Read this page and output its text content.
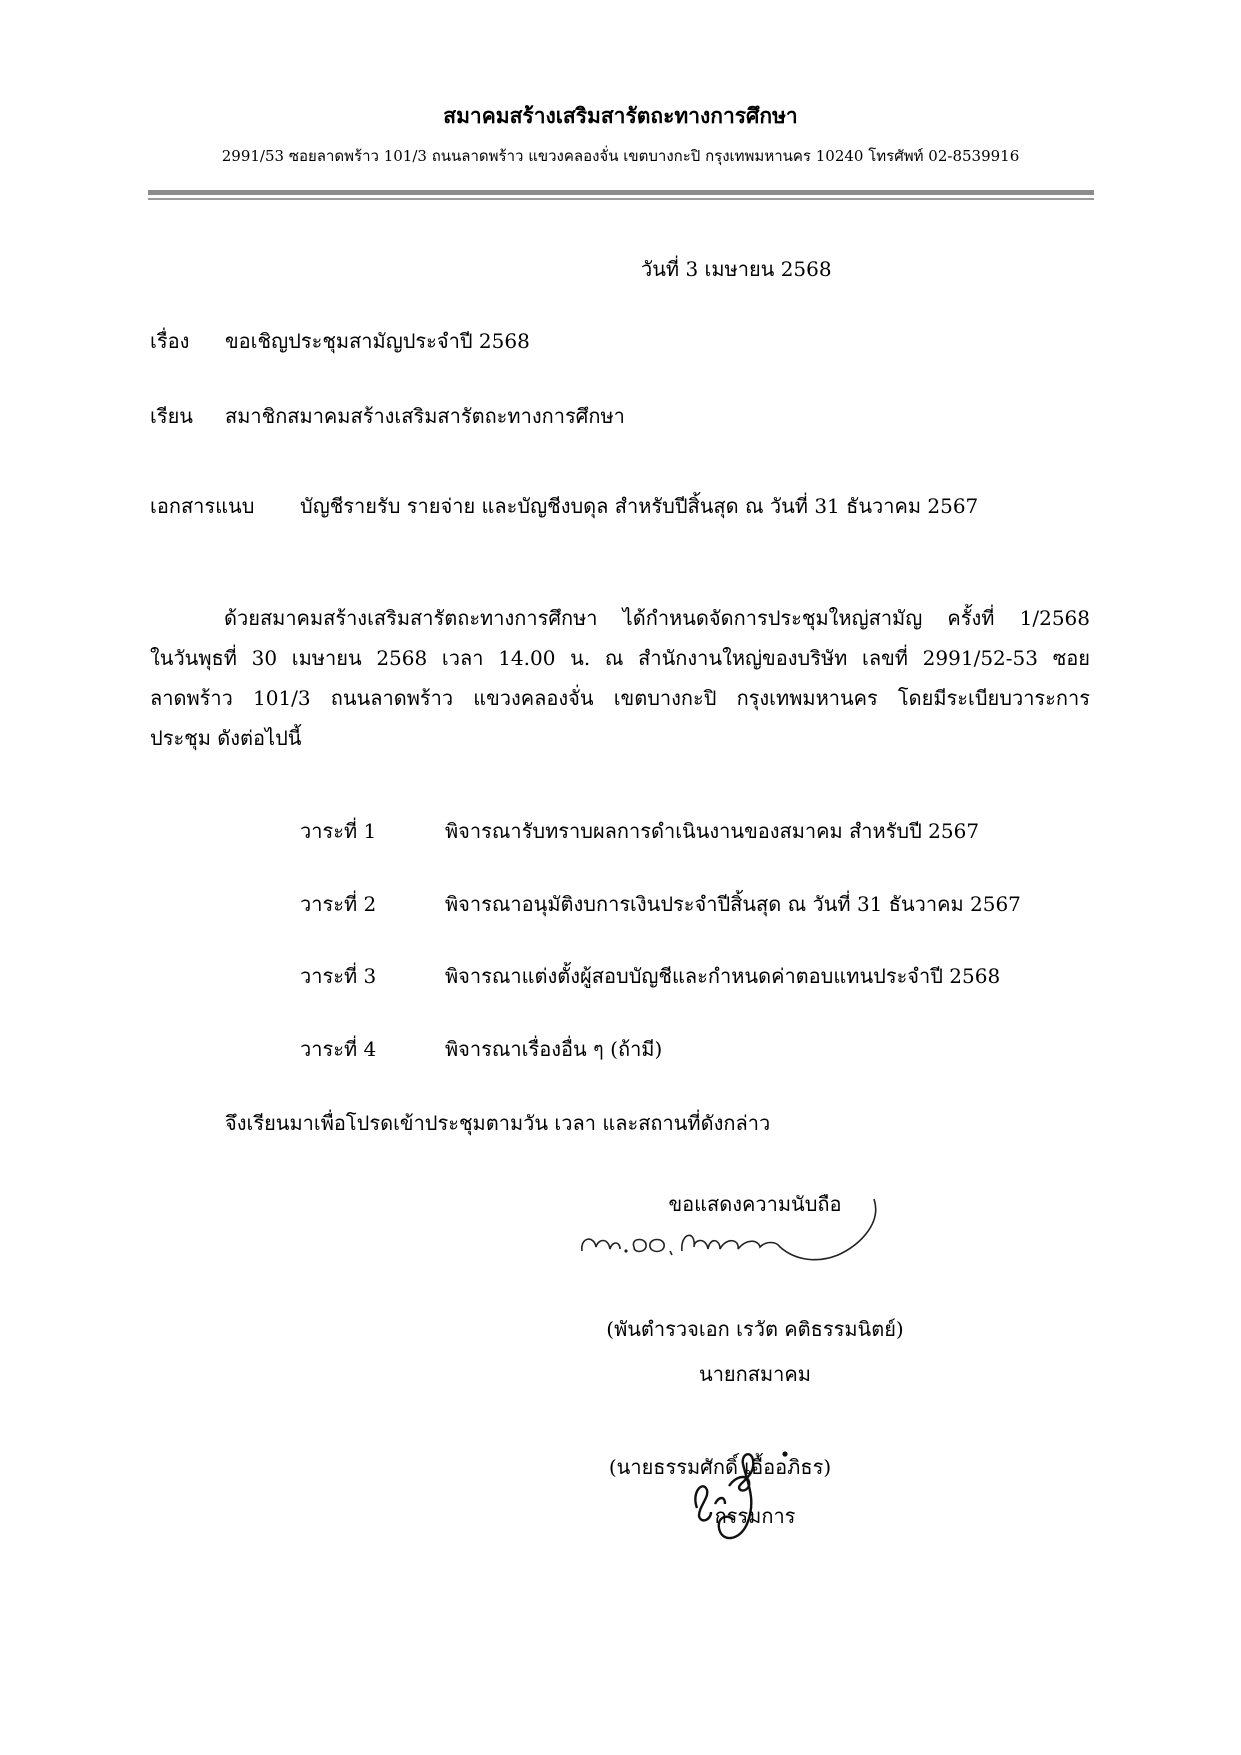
สมาคมสร้างเสริมสารัตถะทางการศึกษา
2991/53 ซอยลาดพร้าว 101/3 ถนนลาดพร้าว แขวงคลองจั่น เขตบางกะปิ กรุงเทพมหานคร 10240 โทรศัพท์ 02-8539916
วันที่ 3 เมษายน 2568
เรื่อง ขอเชิญประชุมสามัญประจำปี 2568
เรียน สมาชิกสมาคมสร้างเสริมสารัตถะทางการศึกษา
เอกสารแนบ บัญชีรายรับ รายจ่าย และบัญชีงบดุล สำหรับปีสิ้นสุด ณ วันที่ 31 ธันวาคม 2567
ด้วยสมาคมสร้างเสริมสารัตถะทางการศึกษา ได้กำหนดจัดการประชุมใหญ่สามัญ ครั้งที่ 1/2568
ในวันพุธที่ 30 เมษายน 2568 เวลา 14.00 น. ณ สำนักงานใหญ่ของบริษัท เลขที่ 2991/52-53 ซอย
ลาดพร้าว 101/3 ถนนลาดพร้าว แขวงคลองจั่น เขตบางกะปิ กรุงเทพมหานคร โดยมีระเบียบวาระการ
ประชุม ดังต่อไปนี้
วาระที่ 1	พิจารณารับทราบผลการดำเนินงานของสมาคม สำหรับปี 2567
วาระที่ 2	พิจารณาอนุมัติงบการเงินประจำปีสิ้นสุด ณ วันที่ 31 ธันวาคม 2567
วาระที่ 3	พิจารณาแต่งตั้งผู้สอบบัญชีและกำหนดค่าตอบแทนประจำปี 2568
วาระที่ 4	พิจารณาเรื่องอื่น ๆ (ถ้ามี)
จึงเรียนมาเพื่อโปรดเข้าประชุมตามวัน เวลา และสถานที่ดังกล่าว
ขอแสดงความนับถือ
(พันตำรวจเอก เรวัต คติธรรมนิตย์)
นายกสมาคม
(นายธรรมศักดิ์ เอื้ออภิธร)
กรรมการ
